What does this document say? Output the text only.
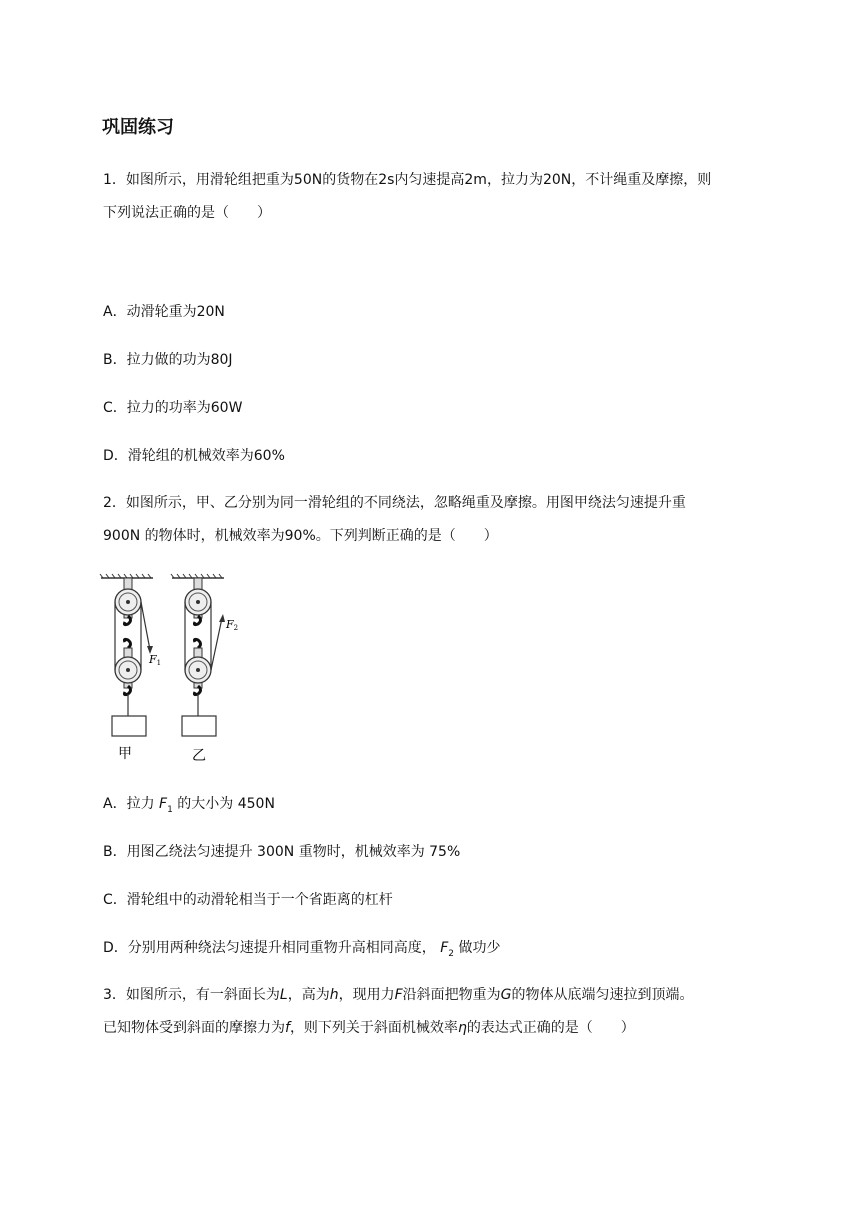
巩固练习
1．如图所示，用滑轮组把重为50N的货物在2s内匀速提高2m，拉力为20N，不计绳重及摩擦，则
下列说法正确的是（　　）
A．动滑轮重为20N
B．拉力做的功为80J
C．拉力的功率为60W
D．滑轮组的机械效率为60%
2．如图所示，甲、乙分别为同一滑轮组的不同绕法，忽略绳重及摩擦。用图甲绕法匀速提升重
900N 的物体时，机械效率为90%。下列判断正确的是（　　）
F1
F2
甲	乙
A．拉力 $F_1$ 的大小为 450N
B．用图乙绕法匀速提升 300N 重物时，机械效率为 75%
C．滑轮组中的动滑轮相当于一个省距离的杠杆
D．分别用两种绕法匀速提升相同重物升高相同高度， $F_2$ 做功少
3．如图所示，有一斜面长为L，高为h，现用力F沿斜面把物重为G的物体从底端匀速拉到顶端。
已知物体受到斜面的摩擦力为f，则下列关于斜面机械效率η的表达式正确的是（　　）
